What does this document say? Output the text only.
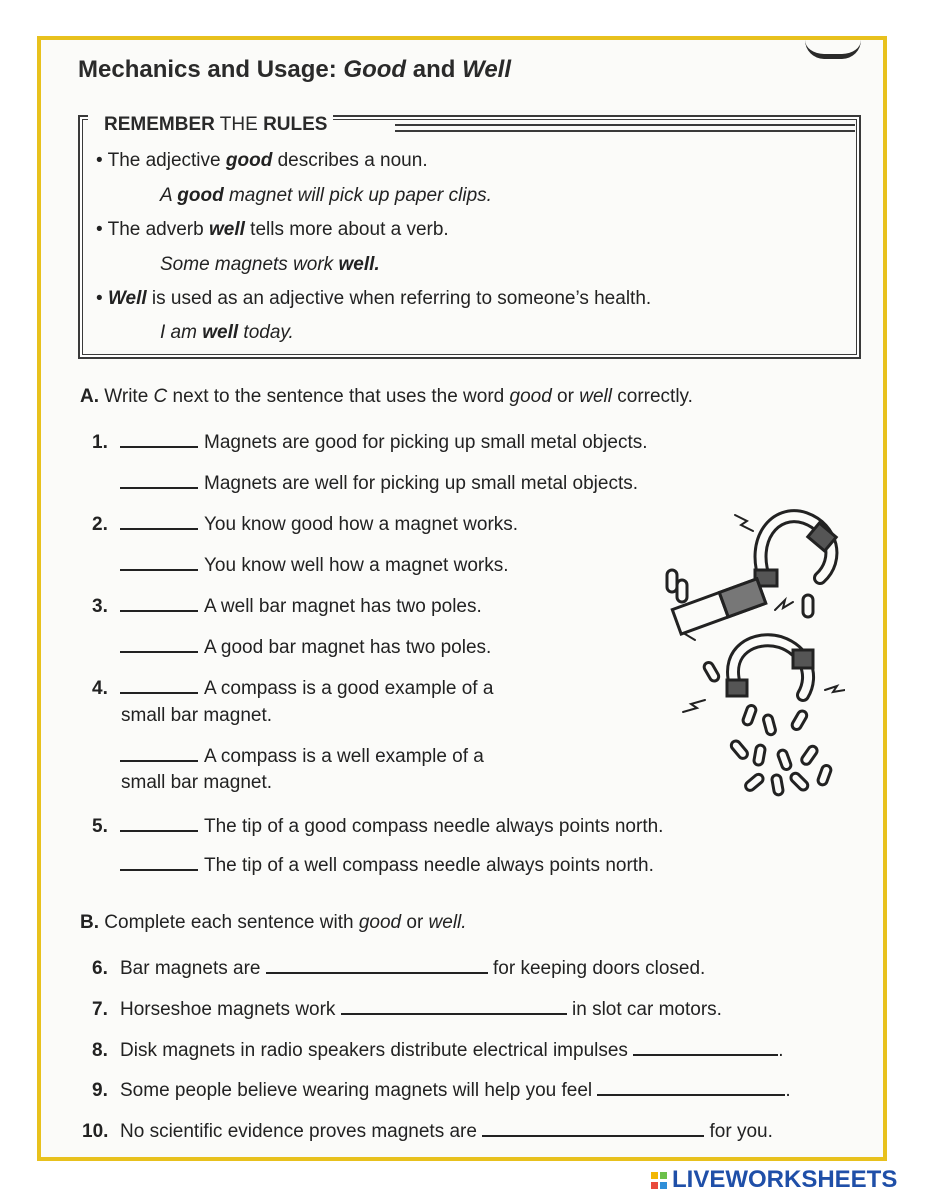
Mechanics and Usage: Good and Well
REMEMBER THE RULES
• The adjective good describes a noun.
A good magnet will pick up paper clips.
• The adverb well tells more about a verb.
Some magnets work well.
• Well is used as an adjective when referring to someone’s health.
I am well today.
A. Write C next to the sentence that uses the word good or well correctly.
1.	Magnets are good for picking up small metal objects.
Magnets are well for picking up small metal objects.
2.	You know good how a magnet works.
You know well how a magnet works.
3.	A well bar magnet has two poles.
A good bar magnet has two poles.
4.	A compass is a good example of a
small bar magnet.
A compass is a well example of a
small bar magnet.
5.	The tip of a good compass needle always points north.
The tip of a well compass needle always points north.
B. Complete each sentence with good or well.
6. Bar magnets are	for keeping doors closed.
7. Horseshoe magnets work	in slot car motors.
8. Disk magnets in radio speakers distribute electrical impulses	.
9. Some people believe wearing magnets will help you feel	.
10. No scientific evidence proves magnets are	for you.
LIVEWORKSHEETS
